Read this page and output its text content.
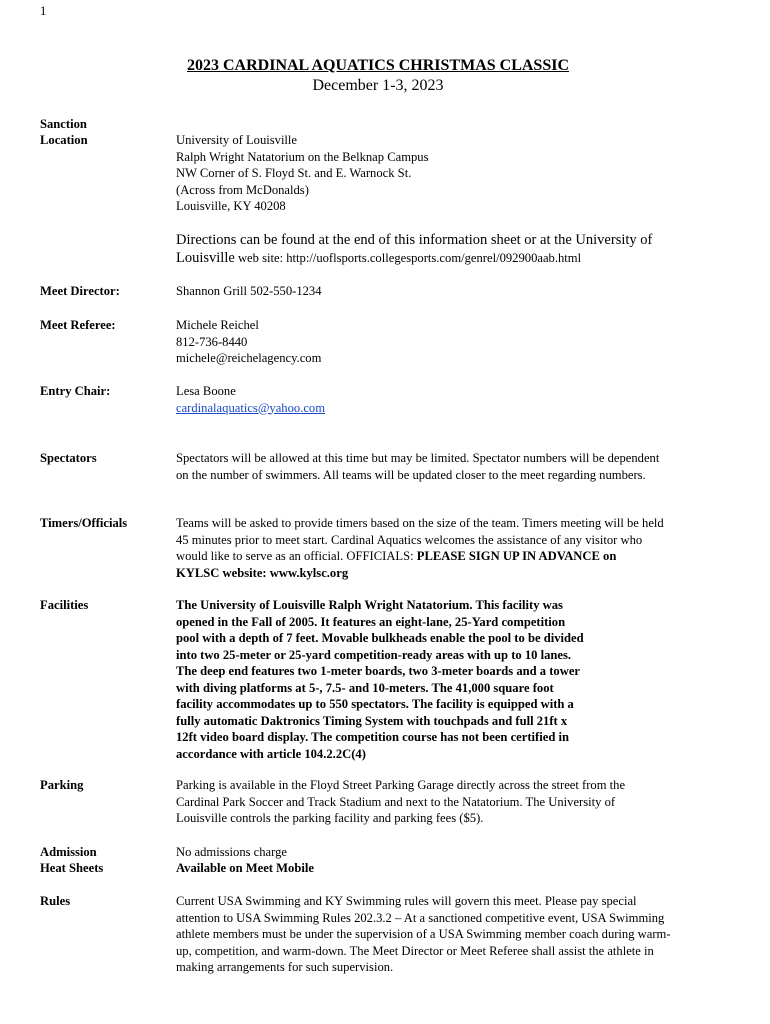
1
2023 CARDINAL AQUATICS CHRISTMAS CLASSIC
December 1-3, 2023
Sanction
Location	University of Louisville
Ralph Wright Natatorium on the Belknap Campus
NW Corner of S. Floyd St. and E. Warnock St.
(Across from McDonalds)
Louisville, KY 40208
Directions can be found at the end of this information sheet or at the University of
Louisville web site: http://uoflsports.collegesports.com/genrel/092900aab.html
Meet Director:	Shannon Grill 502-550-1234
Meet Referee:	Michele Reichel
812-736-8440
michele@reichelagency.com
Entry Chair:	Lesa Boone
cardinalaquatics@yahoo.com
Spectators	Spectators will be allowed at this time but may be limited. Spectator numbers will be dependent
on the number of swimmers. All teams will be updated closer to the meet regarding numbers.
Timers/Officials	Teams will be asked to provide timers based on the size of the team. Timers meeting will be held
45 minutes prior to meet start. Cardinal Aquatics welcomes the assistance of any visitor who
would like to serve as an official. OFFICIALS: PLEASE SIGN UP IN ADVANCE on
KYLSC website: www.kylsc.org
Facilities	The University of Louisville Ralph Wright Natatorium. This facility was
opened in the Fall of 2005. It features an eight-lane, 25-Yard competition
pool with a depth of 7 feet. Movable bulkheads enable the pool to be divided
into two 25-meter or 25-yard competition-ready areas with up to 10 lanes.
The deep end features two 1-meter boards, two 3-meter boards and a tower
with diving platforms at 5-, 7.5- and 10-meters. The 41,000 square foot
facility accommodates up to 550 spectators. The facility is equipped with a
fully automatic Daktronics Timing System with touchpads and full 21ft x
12ft video board display. The competition course has not been certified in
accordance with article 104.2.2C(4)
Parking	Parking is available in the Floyd Street Parking Garage directly across the street from the
Cardinal Park Soccer and Track Stadium and next to the Natatorium. The University of
Louisville controls the parking facility and parking fees ($5).
Admission	No admissions charge
Heat Sheets	Available on Meet Mobile
Rules	Current USA Swimming and KY Swimming rules will govern this meet. Please pay special
attention to USA Swimming Rules 202.3.2 – At a sanctioned competitive event, USA Swimming
athlete members must be under the supervision of a USA Swimming member coach during warm-
up, competition, and warm-down. The Meet Director or Meet Referee shall assist the athlete in
making arrangements for such supervision.
